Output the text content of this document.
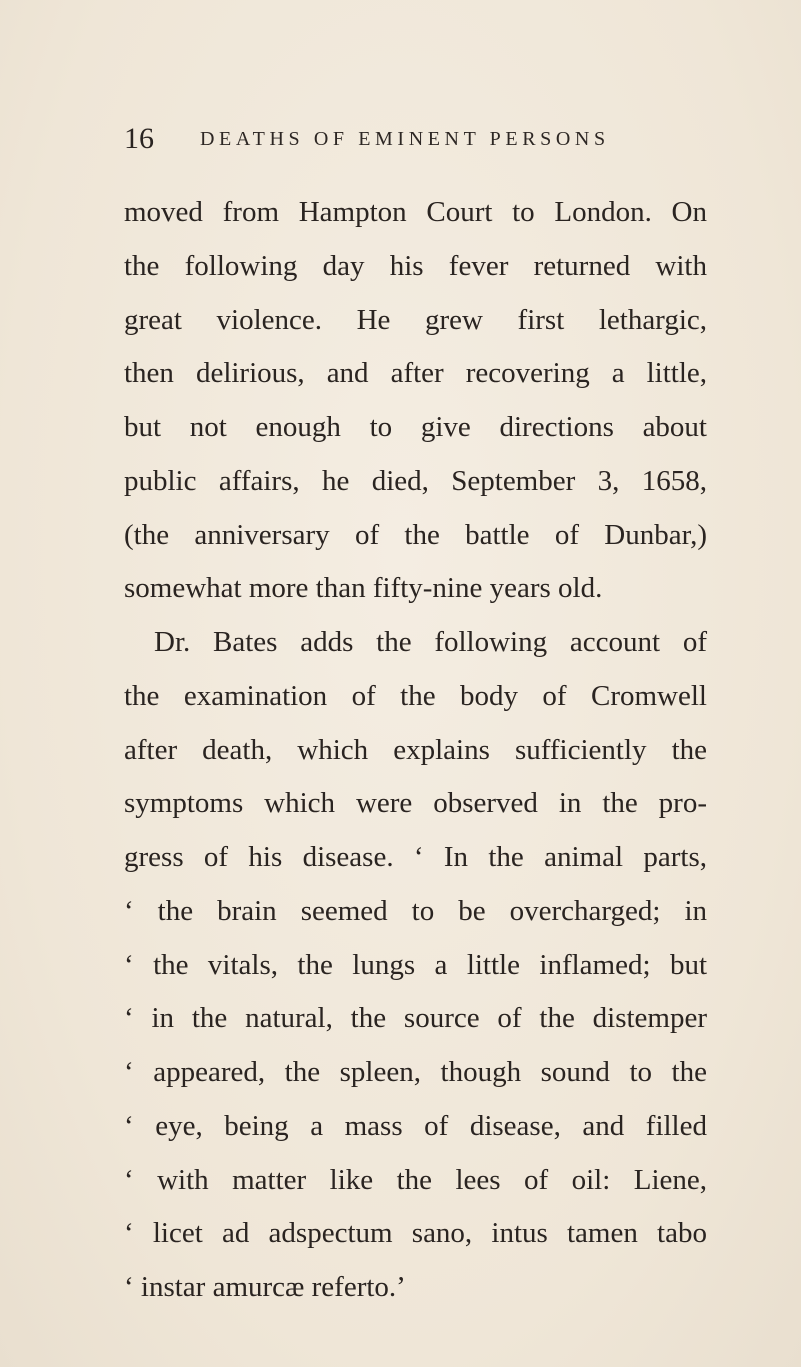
16 DEATHS OF EMINENT PERSONS
moved from Hampton Court to London. On
the following day his fever returned with
great violence. He grew first lethargic,
then delirious, and after recovering a little,
but not enough to give directions about
public affairs, he died, September 3, 1658,
(the anniversary of the battle of Dunbar,)
somewhat more than fifty-nine years old.
Dr. Bates adds the following account of
the examination of the body of Cromwell
after death, which explains sufficiently the
symptoms which were observed in the pro-
gress of his disease. ‘ In the animal parts,
‘ the brain seemed to be overcharged; in
‘ the vitals, the lungs a little inflamed; but
‘ in the natural, the source of the distemper
‘ appeared, the spleen, though sound to the
‘ eye, being a mass of disease, and filled
‘ with matter like the lees of oil: Liene,
‘ licet ad adspectum sano, intus tamen tabo
‘ instar amurcæ referto.’
